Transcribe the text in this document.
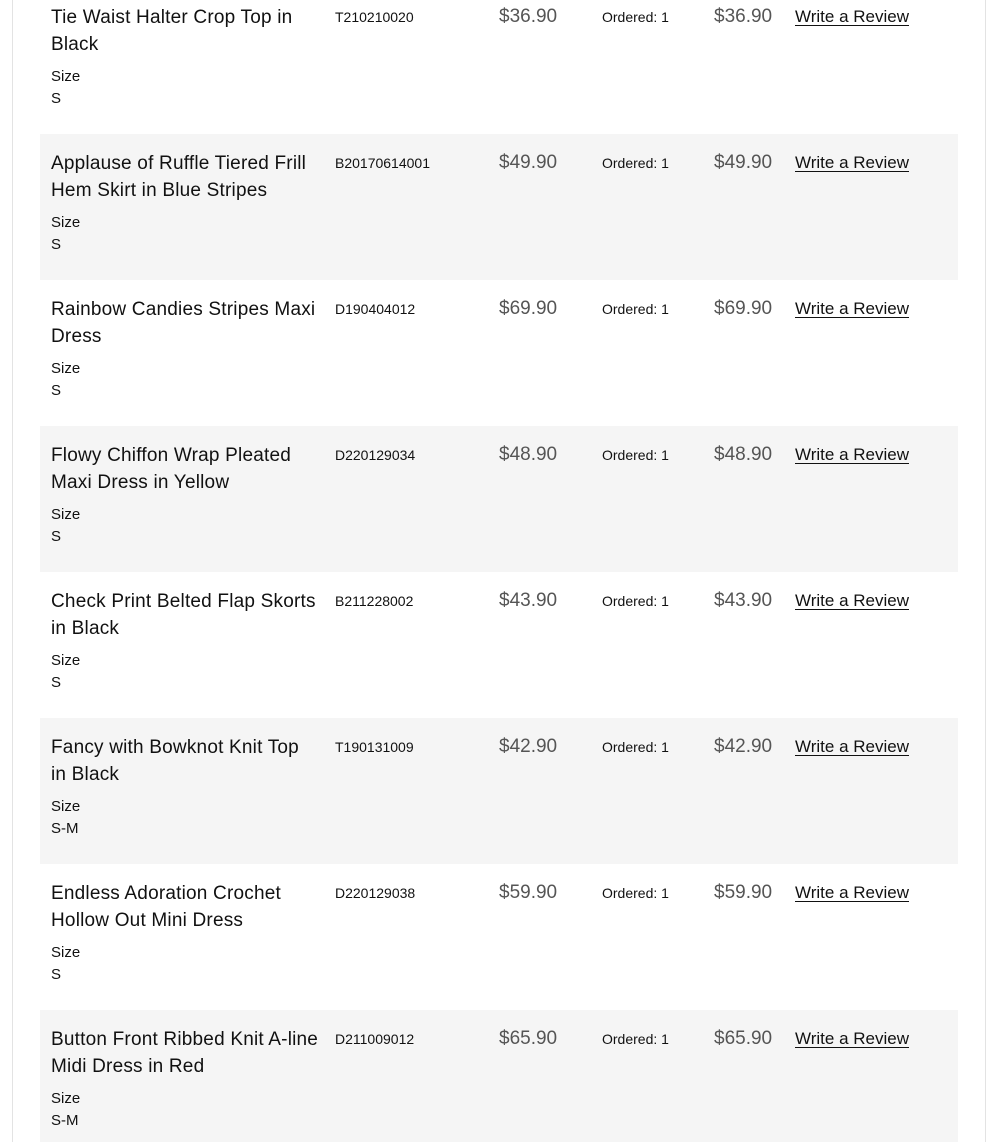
Tie Waist Halter Crop Top in Black
Size
S
T210210020	$36.90	Ordered: 1 $36.90 Write a Review
Applause of Ruffle Tiered Frill Hem Skirt in Blue Stripes
Size
S
B20170614001	$49.90	Ordered: 1 $49.90 Write a Review
Rainbow Candies Stripes Maxi Dress
Size
S
D190404012	$69.90	Ordered: 1 $69.90 Write a Review
Flowy Chiffon Wrap Pleated Maxi Dress in Yellow
Size
S
D220129034	$48.90	Ordered: 1 $48.90 Write a Review
Check Print Belted Flap Skorts in Black
Size
S
B211228002	$43.90	Ordered: 1 $43.90 Write a Review
Fancy with Bowknot Knit Top in Black
Size
S-M
T190131009	$42.90	Ordered: 1 $42.90 Write a Review
Endless Adoration Crochet Hollow Out Mini Dress
Size
S
D220129038	$59.90	Ordered: 1 $59.90 Write a Review
Button Front Ribbed Knit A-line Midi Dress in Red
Size
S-M
D211009012	$65.90	Ordered: 1 $65.90 Write a Review
